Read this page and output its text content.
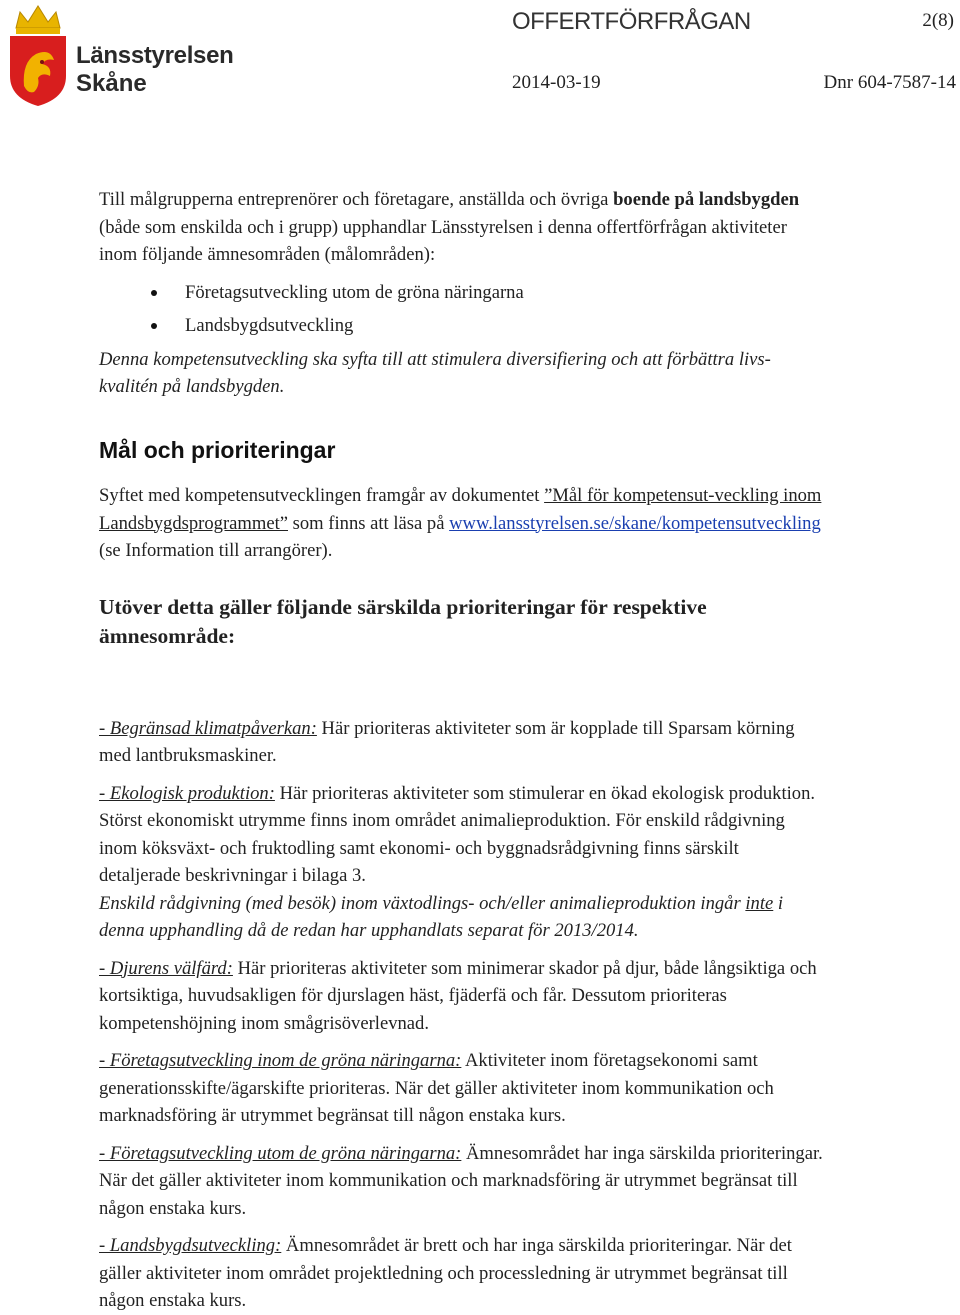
Länsstyrelsen
Skåne
OFFERTFÖRFRÅGAN	2(8)
2014-03-19	Dnr 604-7587-14

Till målgrupperna entreprenörer och företagare, anställda och övriga boende på landsbygden (både som enskilda och i grupp) upphandlar Länsstyrelsen i denna offertförfrågan aktiviteter inom följande ämnesområden (målområden):

Företagsutveckling utom de gröna näringarna
Landsbygdsutveckling

Denna kompetensutveckling ska syfta till att stimulera diversifiering och att förbättra livs-kvalitén på landsbygden.

Mål och prioriteringar

Syftet med kompetensutvecklingen framgår av dokumentet ”Mål för kompetensut-veckling inom Landsbygdsprogrammet” som finns att läsa på www.lansstyrelsen.se/skane/kompetensutveckling (se Information till arrangörer).

Utöver detta gäller följande särskilda prioriteringar för respektive ämnesområde:

- Begränsad klimatpåverkan: Här prioriteras aktiviteter som är kopplade till Sparsam körning med lantbruksmaskiner.

- Ekologisk produktion: Här prioriteras aktiviteter som stimulerar en ökad ekologisk produktion. Störst ekonomiskt utrymme finns inom området animalieproduktion. För enskild rådgivning inom köksväxt- och fruktodling samt ekonomi- och byggnadsrådgivning finns särskilt detaljerade beskrivningar i bilaga 3.

Enskild rådgivning (med besök) inom växtodlings- och/eller animalieproduktion ingår inte i denna upphandling då de redan har upphandlats separat för 2013/2014.

- Djurens välfärd: Här prioriteras aktiviteter som minimerar skador på djur, både långsiktiga och kortsiktiga, huvudsakligen för djurslagen häst, fjäderfä och får. Dessutom prioriteras kompetenshöjning inom smågrisöverlevnad.

- Företagsutveckling inom de gröna näringarna: Aktiviteter inom företagsekonomi samt generationsskifte/ägarskifte prioriteras. När det gäller aktiviteter inom kommunikation och marknadsföring är utrymmet begränsat till någon enstaka kurs.

- Företagsutveckling utom de gröna näringarna: Ämnesområdet har inga särskilda prioriteringar. När det gäller aktiviteter inom kommunikation och marknadsföring är utrymmet begränsat till någon enstaka kurs.

- Landsbygdsutveckling: Ämnesområdet är brett och har inga särskilda prioriteringar. När det gäller aktiviteter inom området projektledning och processledning är utrymmet begränsat till någon enstaka kurs.
